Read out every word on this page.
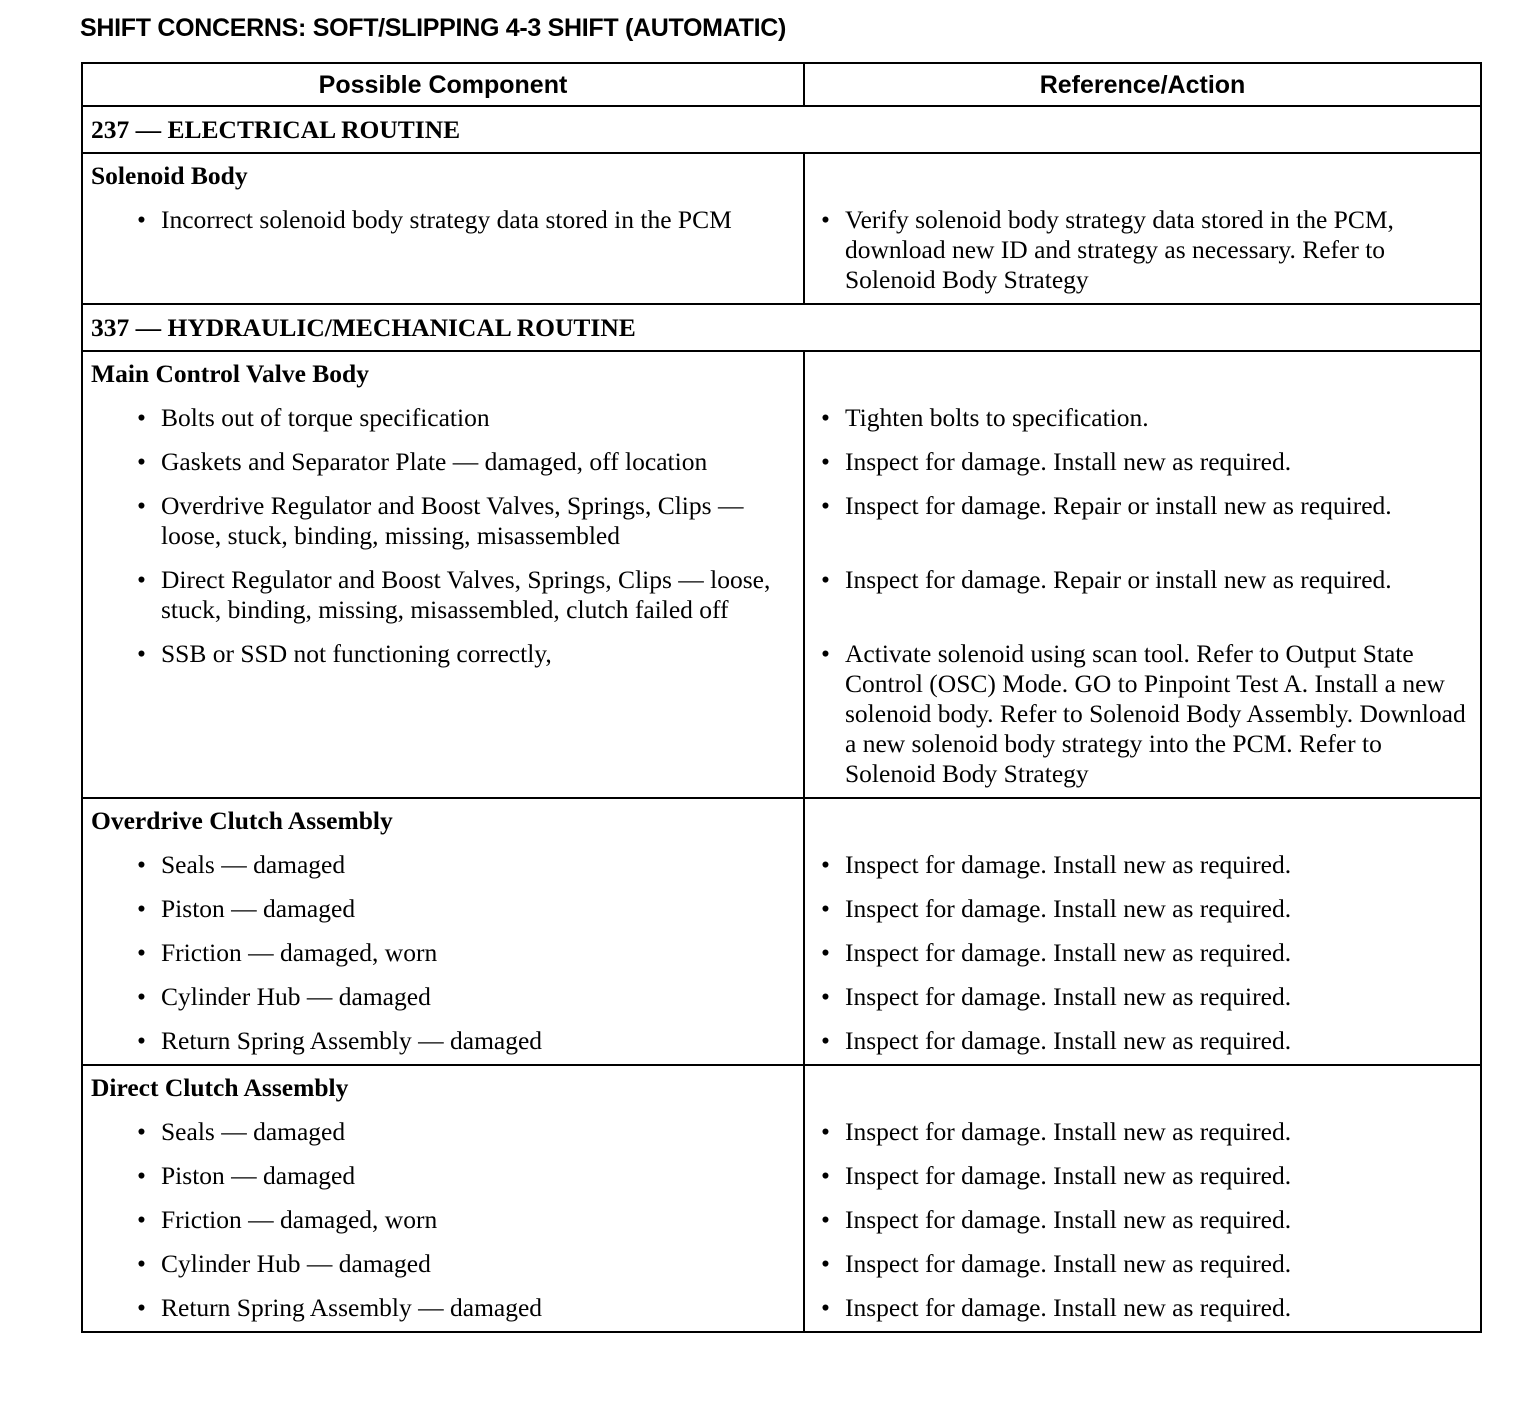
SHIFT CONCERNS: SOFT/SLIPPING 4-3 SHIFT (AUTOMATIC)
Possible Component	Reference/Action
237 — ELECTRICAL ROUTINE	

Solenoid Body	

• Incorrect solenoid body strategy data stored in the PCM	• Verify solenoid body strategy data stored in the PCM, download new ID and strategy as necessary. Refer to Solenoid Body Strategy

337 — HYDRAULIC/MECHANICAL ROUTINE	

Main Control Valve Body	

• Bolts out of torque specification	• Tighten bolts to specification.

• Gaskets and Separator Plate — damaged, off location	• Inspect for damage. Install new as required.

• Overdrive Regulator and Boost Valves, Springs, Clips — loose, stuck, binding, missing, misassembled	• Inspect for damage. Repair or install new as required.

• Direct Regulator and Boost Valves, Springs, Clips — loose, stuck, binding, missing, misassembled, clutch failed off	• Inspect for damage. Repair or install new as required.

• SSB or SSD not functioning correctly,	• Activate solenoid using scan tool. Refer to Output State Control (OSC) Mode. GO to Pinpoint Test A. Install a new solenoid body. Refer to Solenoid Body Assembly. Download a new solenoid body strategy into the PCM. Refer to Solenoid Body Strategy

Overdrive Clutch Assembly	

• Seals — damaged	• Inspect for damage. Install new as required.

• Piston — damaged	• Inspect for damage. Install new as required.

• Friction — damaged, worn	• Inspect for damage. Install new as required.

• Cylinder Hub — damaged	• Inspect for damage. Install new as required.

• Return Spring Assembly — damaged	• Inspect for damage. Install new as required.

Direct Clutch Assembly	

• Seals — damaged	• Inspect for damage. Install new as required.

• Piston — damaged	• Inspect for damage. Install new as required.

• Friction — damaged, worn	• Inspect for damage. Install new as required.

• Cylinder Hub — damaged	• Inspect for damage. Install new as required.

• Return Spring Assembly — damaged	• Inspect for damage. Install new as required.
